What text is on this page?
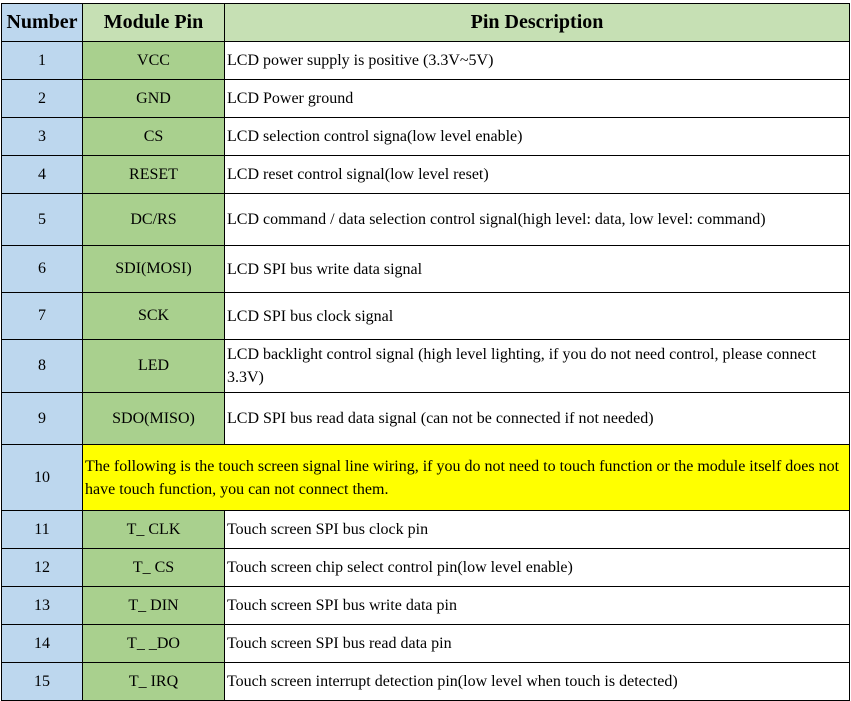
Number	Module Pin	Pin Description
1	VCC	LCD power supply is positive (3.3V~5V)
2	GND	LCD Power ground
3	CS	LCD selection control signa(low level enable)
4	RESET	LCD reset control signal(low level reset)
5	DC/RS	LCD command / data selection control signal(high level: data, low level: command)
6	SDI(MOSI)	LCD SPI bus write data signal
7	SCK	LCD SPI bus clock signal
8	LED	LCD backlight control signal (high level lighting, if you do not need control, please connect 3.3V)
9	SDO(MISO)	LCD SPI bus read data signal (can not be connected if not needed)
10	The following is the touch screen signal line wiring, if you do not need to touch function or the module itself does not have touch function, you can not connect them.	
11	T_ CLK	Touch screen SPI bus clock pin
12	T_ CS	Touch screen chip select control pin(low level enable)
13	T_ DIN	Touch screen SPI bus write data pin
14	T_ _DO	Touch screen SPI bus read data pin
15	T_ IRQ	Touch screen interrupt detection pin(low level when touch is detected)
